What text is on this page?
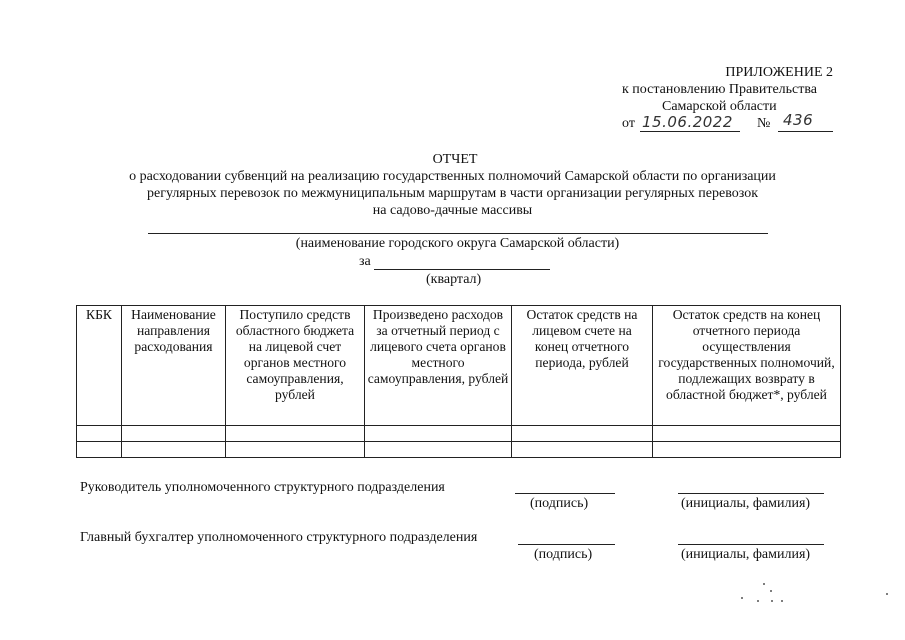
ПРИЛОЖЕНИЕ 2
к постановлению Правительства
Самарской области
от 15.06.2022 № 436
ОТЧЕТ
о расходовании субвенций на реализацию государственных полномочий Самарской области по организации
регулярных перевозок по межмуниципальным маршрутам в части организации регулярных перевозок
на садово-дачные массивы
(наименование городского округа Самарской области)
за
(квартал)
КБК	Наименование направления расходования	Поступило средств областного бюджета на лицевой счет органов местного самоуправления, рублей	Произведено расходов за отчетный период с лицевого счета органов местного самоуправления, рублей	Остаток средств на лицевом счете на конец отчетного периода, рублей	Остаток средств на конец отчетного периода осуществления государственных полномочий, подлежащих возврату в областной бюджет*, рублей

Руководитель уполномоченного структурного подразделения
(подпись)	(инициалы, фамилия)
Главный бухгалтер уполномоченного структурного подразделения
(подпись)	(инициалы, фамилия)
